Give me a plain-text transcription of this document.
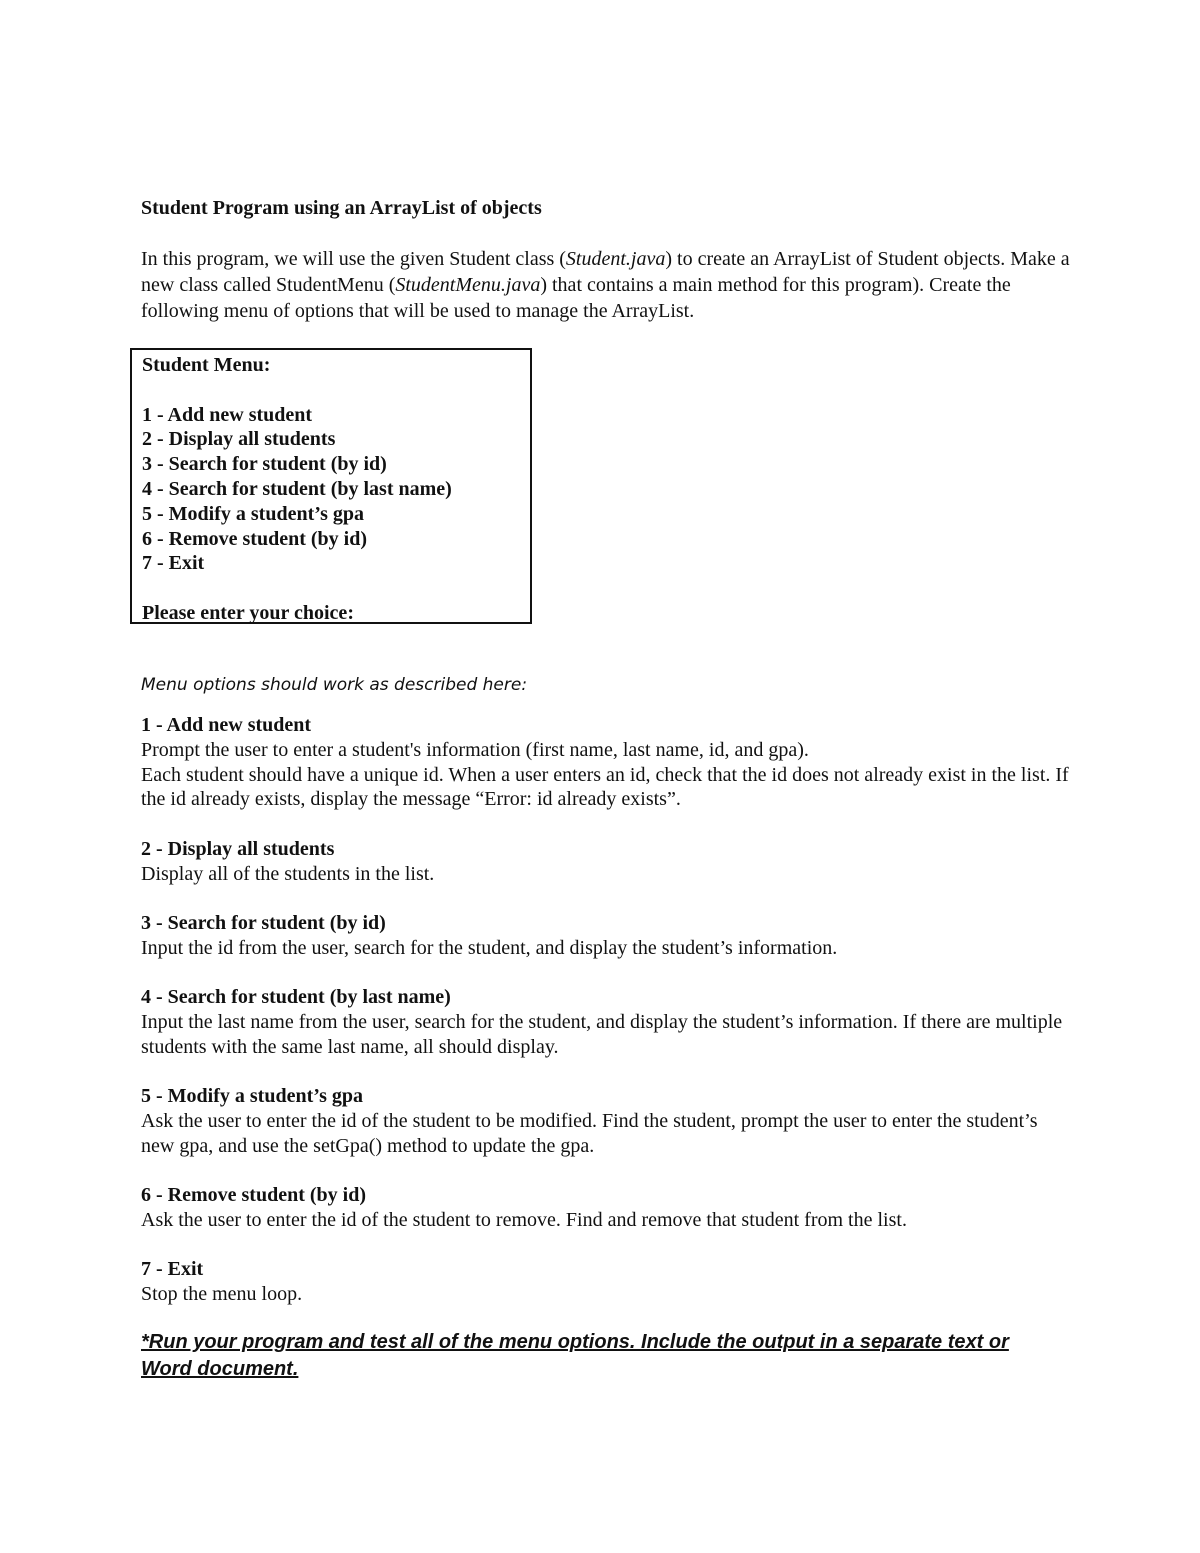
Student Program using an ArrayList of objects

In this program, we will use the given Student class (Student.java) to create an ArrayList of Student objects. Make a new class called StudentMenu (StudentMenu.java) that contains a main method for this program). Create the following menu of options that will be used to manage the ArrayList.

Student Menu:
1 - Add new student
2 - Display all students
3 - Search for student (by id)
4 - Search for student (by last name)
5 - Modify a student’s gpa
6 - Remove student (by id)
7 - Exit
Please enter your choice:
Menu options should work as described here:
1 - Add new student
Prompt the user to enter a student's information (first name, last name, id, and gpa).
Each student should have a unique id. When a user enters an id, check that the id does not already exist in the list. If the id already exists, display the message “Error: id already exists”.
2 - Display all students
Display all of the students in the list.
3 - Search for student (by id)
Input the id from the user, search for the student, and display the student’s information.
4 - Search for student (by last name)
Input the last name from the user, search for the student, and display the student’s information. If there are multiple students with the same last name, all should display.
5 - Modify a student’s gpa
Ask the user to enter the id of the student to be modified. Find the student, prompt the user to enter the student’s new gpa, and use the setGpa() method to update the gpa.
6 - Remove student (by id)
Ask the user to enter the id of the student to remove. Find and remove that student from the list.
7 - Exit
Stop the menu loop.
*Run your program and test all of the menu options. Include the output in a separate text or Word document.
